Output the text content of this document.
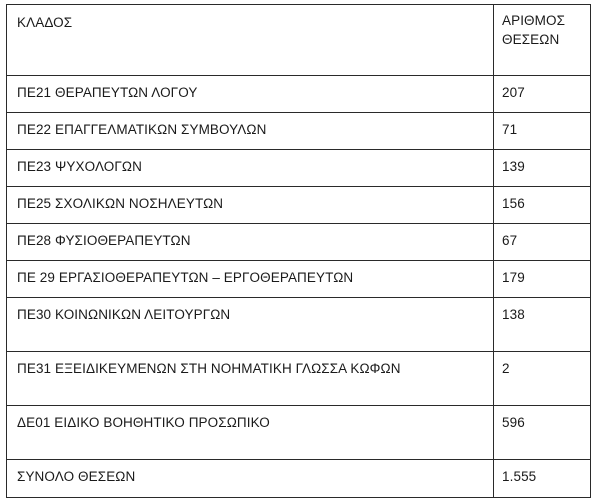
ΚΛΑΔΟΣ	ΑΡΙΘΜΟΣ
ΘΕΣΕΩΝ

ΠΕ21 ΘΕΡΑΠΕΥΤΩΝ ΛΟΓΟΥ	207
ΠΕ22 ΕΠΑΓΓΕΛΜΑΤΙΚΩΝ ΣΥΜΒΟΥΛΩΝ	71
ΠΕ23 ΨΥΧΟΛΟΓΩΝ	139
ΠΕ25 ΣΧΟΛΙΚΩΝ ΝΟΣΗΛΕΥΤΩΝ	156
ΠΕ28 ΦΥΣΙΟΘΕΡΑΠΕΥΤΩΝ	67
ΠΕ 29 ΕΡΓΑΣΙΟΘΕΡΑΠΕΥΤΩΝ – ΕΡΓΟΘΕΡΑΠΕΥΤΩΝ	179
ΠΕ30 ΚΟΙΝΩΝΙΚΩΝ ΛΕΙΤΟΥΡΓΩΝ	138
ΠΕ31 ΕΞΕΙΔΙΚΕΥΜΕΝΩΝ ΣΤΗ ΝΟΗΜΑΤΙΚΗ ΓΛΩΣΣΑ ΚΩΦΩΝ	2
ΔΕ01 ΕΙΔΙΚΟ ΒΟΗΘΗΤΙΚΟ ΠΡΟΣΩΠΙΚΟ	596
ΣΥΝΟΛΟ ΘΕΣΕΩΝ	1.555
